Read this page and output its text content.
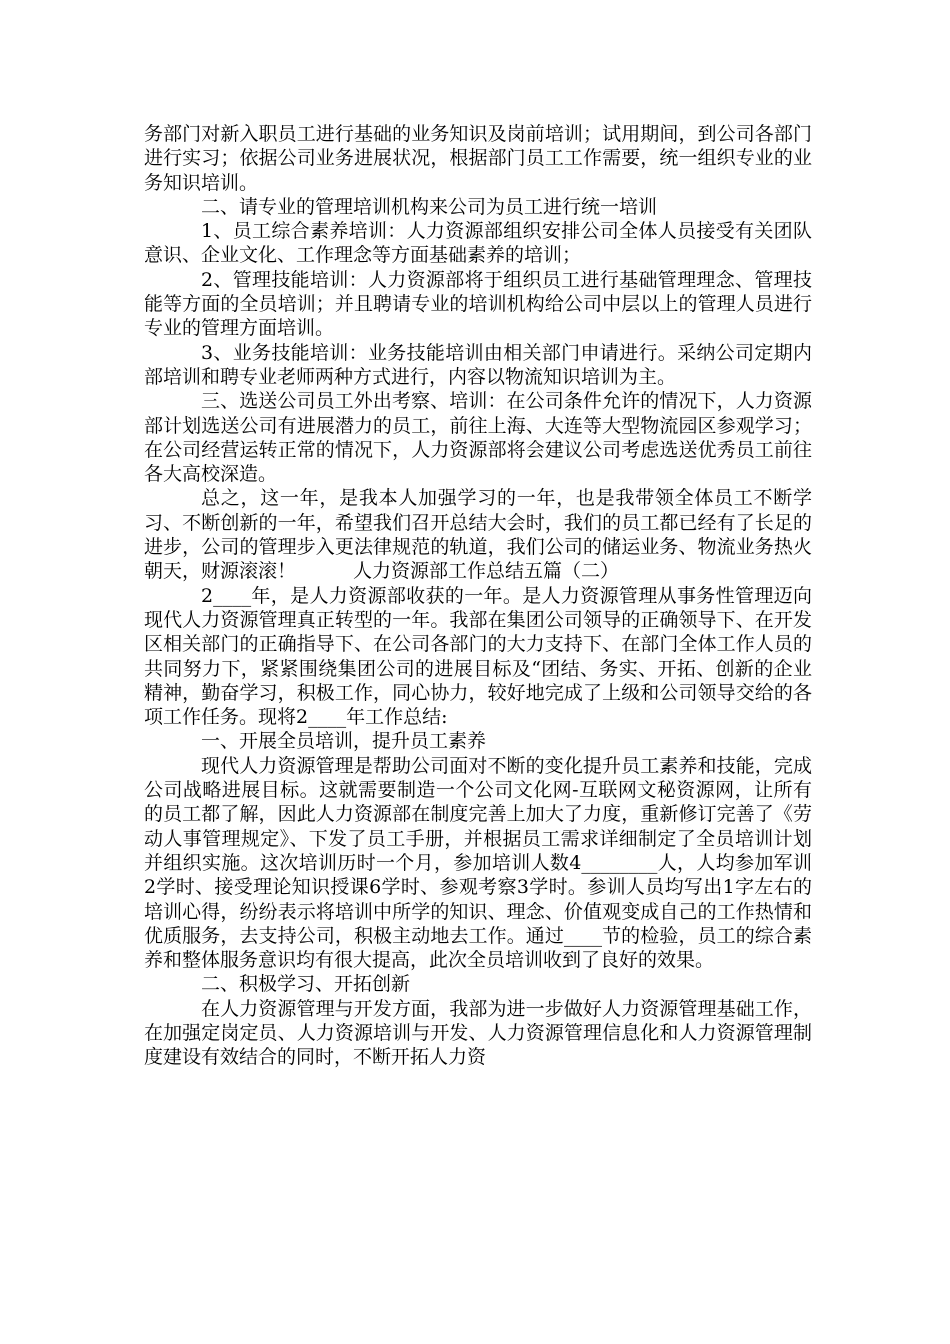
务部门对新入职员工进行基础的业务知识及岗前培训；试用期间，到公司各部门进行实习；依据公司业务进展状况，根据部门员工工作需要，统一组织专业的业务知识培训。

二、请专业的管理培训机构来公司为员工进行统一培训

1、员工综合素养培训：人力资源部组织安排公司全体人员接受有关团队意识、企业文化、工作理念等方面基础素养的培训；

2、管理技能培训：人力资源部将于组织员工进行基础管理理念、管理技能等方面的全员培训；并且聘请专业的培训机构给公司中层以上的管理人员进行专业的管理方面培训。

3、业务技能培训：业务技能培训由相关部门申请进行。采纳公司定期内部培训和聘专业老师两种方式进行，内容以物流知识培训为主。

三、选送公司员工外出考察、培训：在公司条件允许的情况下，人力资源部计划选送公司有进展潜力的员工，前往上海、大连等大型物流园区参观学习；在公司经营运转正常的情况下，人力资源部将会建议公司考虑选送优秀员工前往各大高校深造。

总之，这一年，是我本人加强学习的一年，也是我带领全体员工不断学习、不断创新的一年，希望我们召开总结大会时，我们的员工都已经有了长足的进步，公司的管理步入更法律规范的轨道，我们公司的储运业务、物流业务热火朝天，财源滚滚！　　　人力资源部工作总结五篇（二）

2____年，是人力资源部收获的一年。是人力资源管理从事务性管理迈向现代人力资源管理真正转型的一年。我部在集团公司领导的正确领导下、在开发区相关部门的正确指导下、在公司各部门的大力支持下、在部门全体工作人员的共同努力下，紧紧围绕集团公司的进展目标及“团结、务实、开拓、创新的企业精神，勤奋学习，积极工作，同心协力，较好地完成了上级和公司领导交给的各项工作任务。现将2____年工作总结:

一、开展全员培训，提升员工素养

现代人力资源管理是帮助公司面对不断的变化提升员工素养和技能，完成公司战略进展目标。这就需要制造一个公司文化网-互联网文秘资源网，让所有的员工都了解，因此人力资源部在制度完善上加大了力度，重新修订完善了《劳动人事管理规定》、下发了员工手册，并根据员工需求详细制定了全员培训计划并组织实施。这次培训历时一个月，参加培训人数4________人，人均参加军训2学时、接受理论知识授课6学时、参观考察3学时。参训人员均写出1字左右的培训心得，纷纷表示将培训中所学的知识、理念、价值观变成自己的工作热情和优质服务，去支持公司，积极主动地去工作。通过____节的检验，员工的综合素养和整体服务意识均有很大提高，此次全员培训收到了良好的效果。

二、积极学习、开拓创新

在人力资源管理与开发方面，我部为进一步做好人力资源管理基础工作，在加强定岗定员、人力资源培训与开发、人力资源管理信息化和人力资源管理制度建设有效结合的同时，不断开拓人力资
